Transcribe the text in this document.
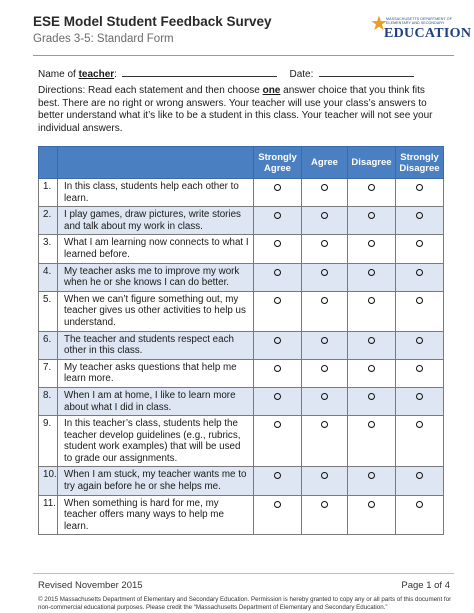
ESE Model Student Feedback Survey
Grades 3-5: Standard Form
★
MASSACHUSETTS DEPARTMENT OF ELEMENTARY AND SECONDARY
EDUCATION
Name of teacher:	Date:
Directions: Read each statement and then choose one answer choice that you think fits best. There are no right or wrong answers. Your teacher will use your class’s answers to better understand what it’s like to be a student in this class. Your teacher will not see your individual answers.
		Strongly Agree	Agree	Disagree	Strongly Disagree
1.	In this class, students help each other to learn.				
2.	I play games, draw pictures, write stories and talk about my work in class.				
3.	What I am learning now connects to what I learned before.				
4.	My teacher asks me to improve my work when he or she knows I can do better.				
5.	When we can’t figure something out, my teacher gives us other activities to help us understand.				
6.	The teacher and students respect each other in this class.				
7.	My teacher asks questions that help me learn more.				
8.	When I am at home, I like to learn more about what I did in class.				
9.	In this teacher’s class, students help the teacher develop guidelines (e.g., rubrics, student work examples) that will be used to grade our assignments.				
10.	When I am stuck, my teacher wants me to try again before he or she helps me.				
11.	When something is hard for me, my teacher offers many ways to help me learn.				
Revised November 2015	Page 1 of 4
© 2015 Massachusetts Department of Elementary and Secondary Education. Permission is hereby granted to copy any or all parts of this document for non-commercial educational purposes. Please credit the “Massachusetts Department of Elementary and Secondary Education.”
